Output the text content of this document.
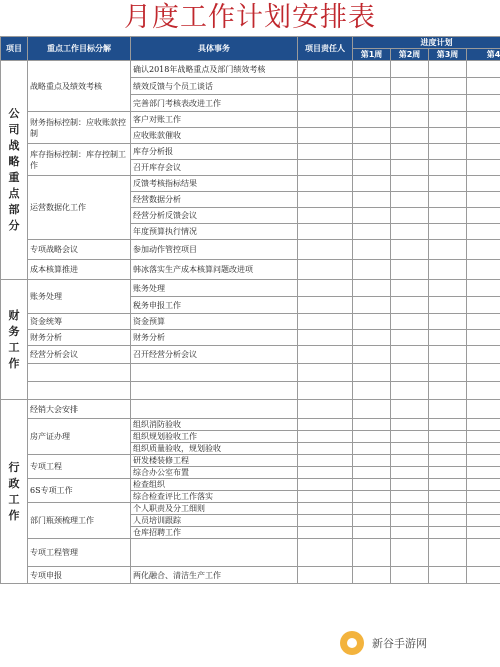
月度工作计划安排表
项目	重点工作目标分解	具体事务	项目责任人	进度计划			
				第1周	第2周	第3周	第4
公司战略重点部分	战略重点及绩效考核	确认2018年战略重点及部门绩效考核					
		绩效反馈与个员工谈话					
		完善部门考核表改进工作					
	财务指标控制：应收账款控制	客户对账工作					
		应收账款催收					
	库存指标控制：库存控制工作	库存分析报					
		召开库存会议					
	运营数据化工作	反馈考核指标结果					
		经营数据分析					
		经营分析反馈会议					
		年度预算执行情况					
	专项战略会议	参加动作管控项目					
	成本核算推进	韩冰落实生产成本核算问题改进项					
财务工作	账务处理	账务处理					
		税务申报工作					
	资金统筹	资金预算					
	财务分析	财务分析					
	经营分析会议	召开经营分析会议					

行政工作	经销大会安排						
	房产证办理	组织消防验收					
		组织规划验收工作					
		组织质量验收，规划验收					
	专项工程	研发楼装修工程					
		综合办公室布置					
	6S专项工作	检查组织					
		综合检查评比工作落实					
	部门瓶颈梳理工作	个人职责及分工细则					
		人员培训跟踪					
		仓库招聘工作					
	专项工程管理						
	专项申报	两化融合、清洁生产工作					
新谷手游网
